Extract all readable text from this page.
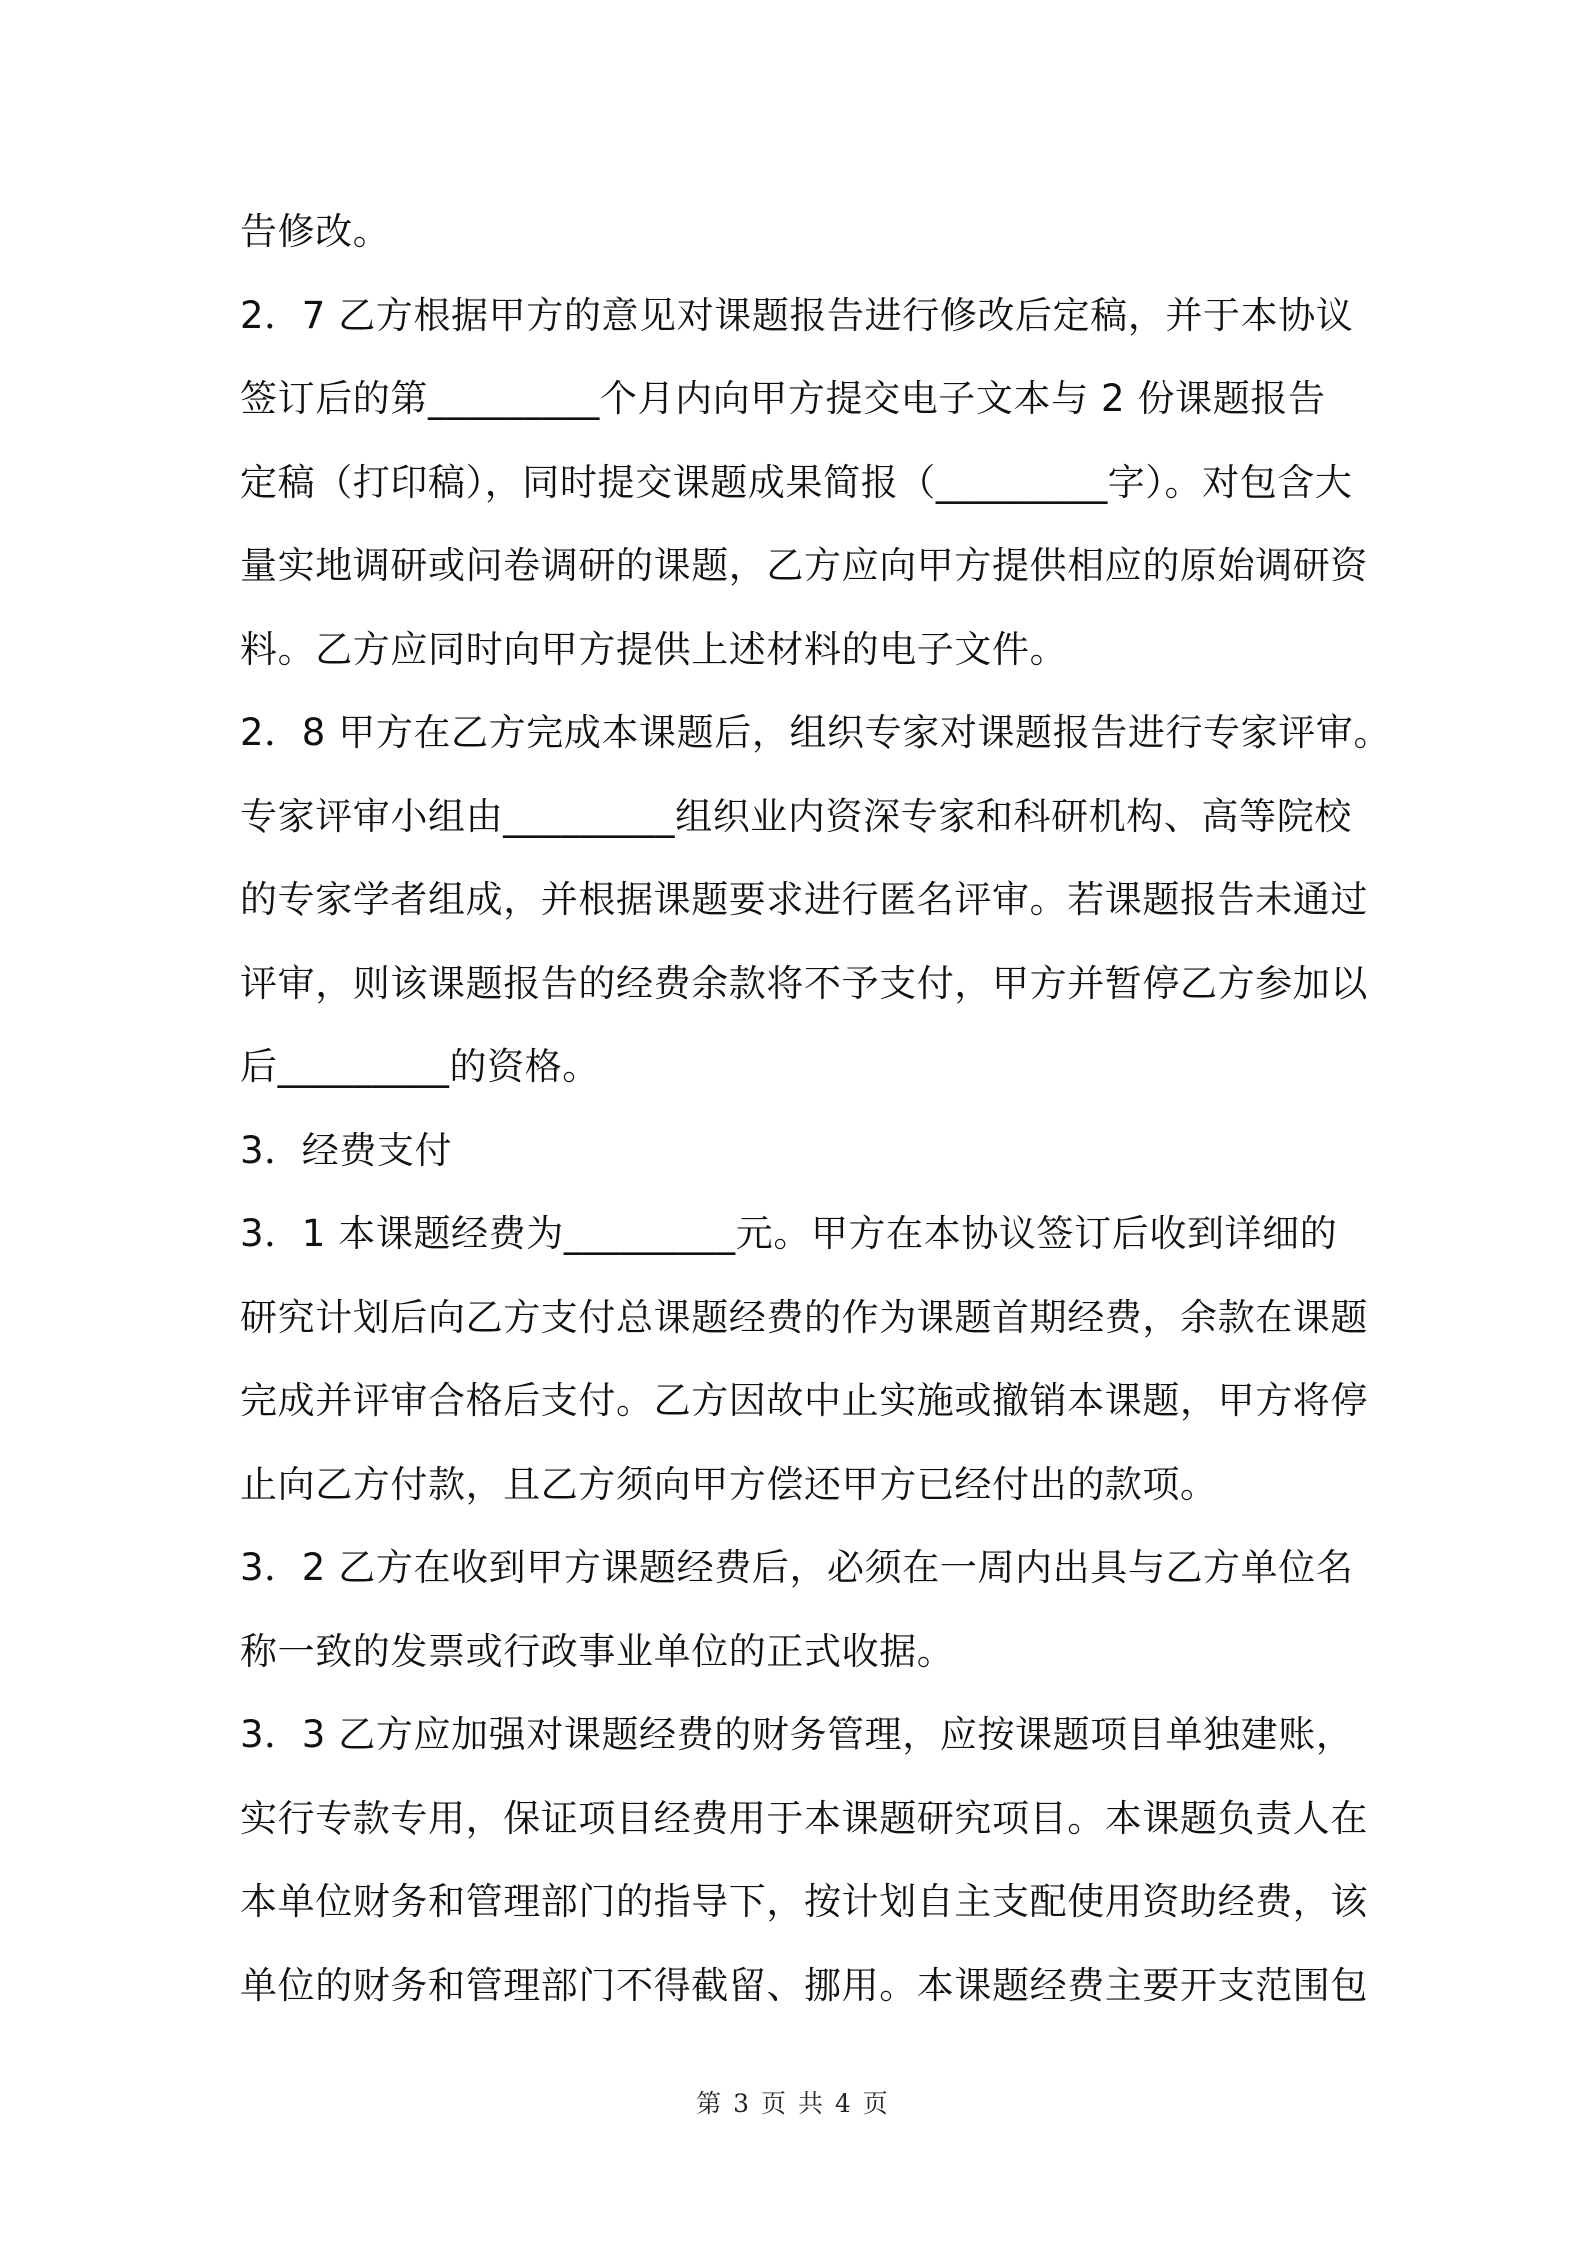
告修改。
2．7 乙方根据甲方的意见对课题报告进行修改后定稿，并于本协议
签订后的第_________个月内向甲方提交电子文本与 2 份课题报告
定稿（打印稿），同时提交课题成果简报（_________字）。对包含大
量实地调研或问卷调研的课题，乙方应向甲方提供相应的原始调研资
料。乙方应同时向甲方提供上述材料的电子文件。
2．8 甲方在乙方完成本课题后，组织专家对课题报告进行专家评审。
专家评审小组由_________组织业内资深专家和科研机构、高等院校
的专家学者组成，并根据课题要求进行匿名评审。若课题报告未通过
评审，则该课题报告的经费余款将不予支付，甲方并暂停乙方参加以
后_________的资格。
3．经费支付
3．1 本课题经费为_________元。甲方在本协议签订后收到详细的
研究计划后向乙方支付总课题经费的作为课题首期经费，余款在课题
完成并评审合格后支付。乙方因故中止实施或撤销本课题，甲方将停
止向乙方付款，且乙方须向甲方偿还甲方已经付出的款项。
3．2 乙方在收到甲方课题经费后，必须在一周内出具与乙方单位名
称一致的发票或行政事业单位的正式收据。
3．3 乙方应加强对课题经费的财务管理，应按课题项目单独建账，
实行专款专用，保证项目经费用于本课题研究项目。本课题负责人在
本单位财务和管理部门的指导下，按计划自主支配使用资助经费，该
单位的财务和管理部门不得截留、挪用。本课题经费主要开支范围包
第 3 页 共 4 页
